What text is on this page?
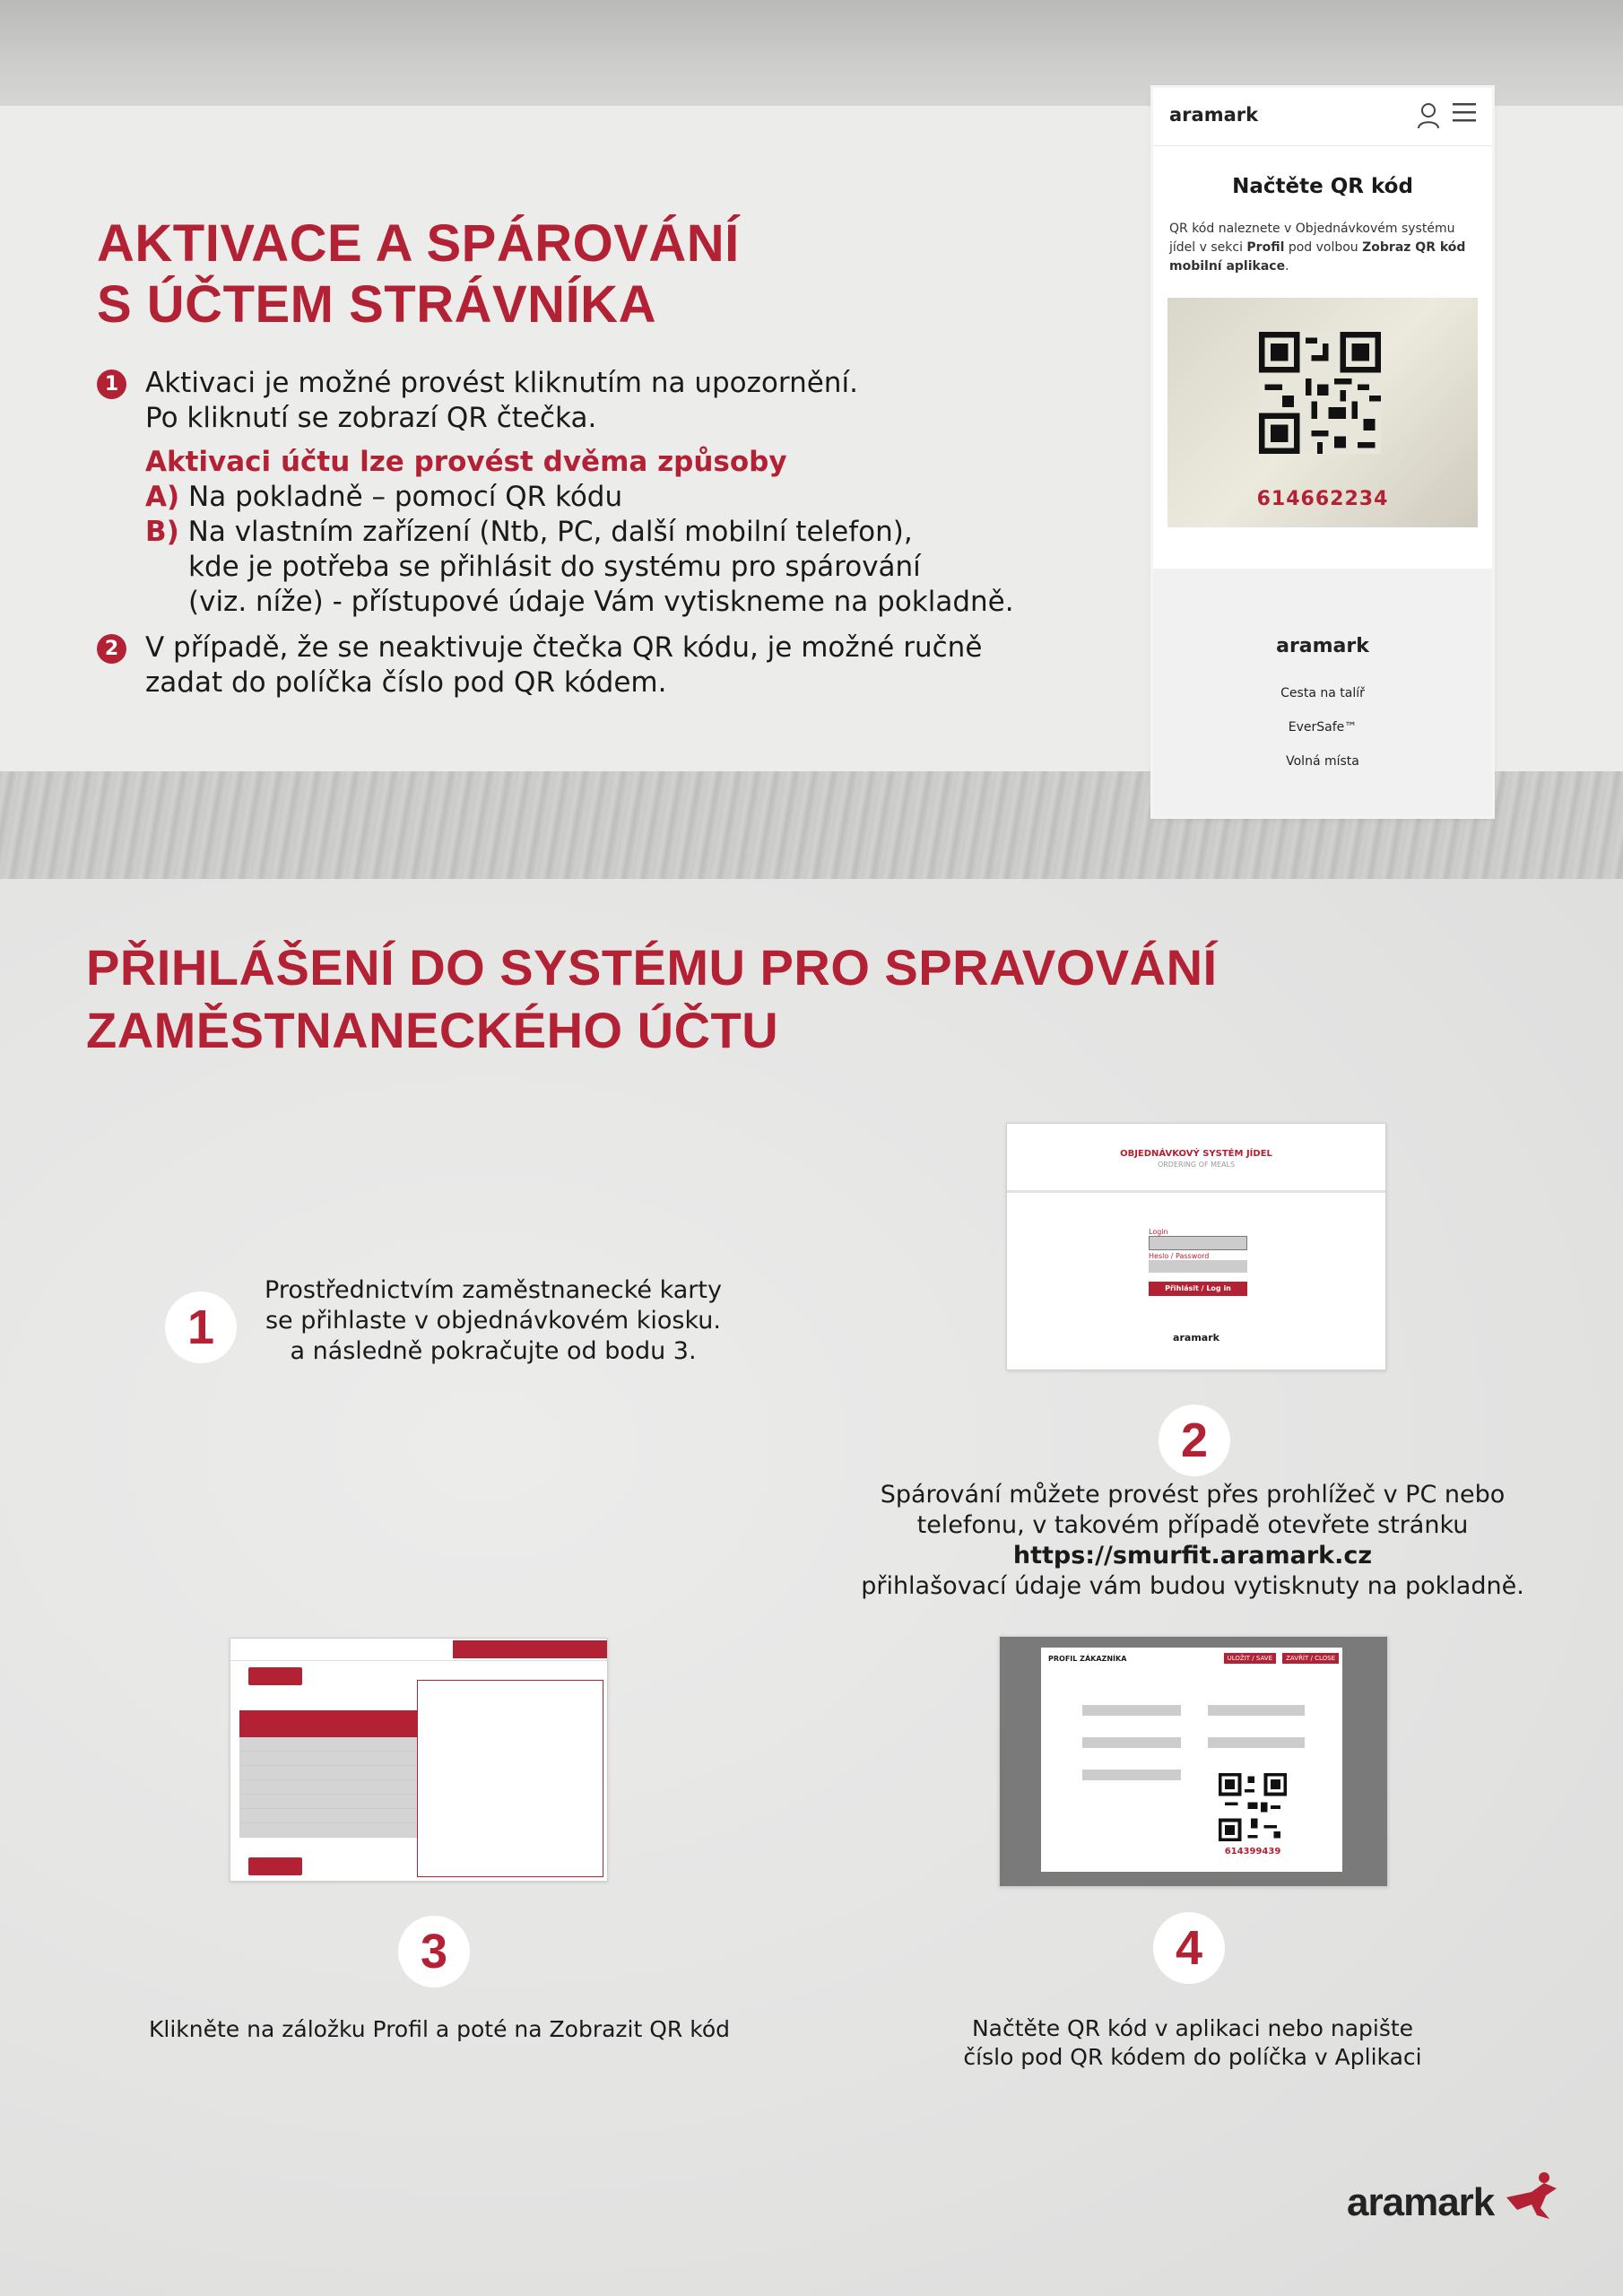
AKTIVACE A SPÁROVÁNÍ
S ÚČTEM STRÁVNÍKA
1 Aktivaci je možné provést kliknutím na upozornění.
Po kliknutí se zobrazí QR čtečka.
Aktivaci účtu lze provést dvěma způsoby
A) Na pokladně – pomocí QR kódu
B) Na vlastním zařízení (Ntb, PC, další mobilní telefon),
kde je potřeba se přihlásit do systému pro spárování
(viz. níže) - přístupové údaje Vám vytiskneme na pokladně.
2 V případě, že se neaktivuje čtečka QR kódu, je možné ručně
zadat do políčka číslo pod QR kódem.
aramark
Načtěte QR kód
QR kód naleznete v Objednávkovém systému jídel v sekci Profil pod volbou Zobraz QR kód mobilní aplikace.
614662234
aramark
Cesta na talíř
EverSafe™
Volná místa
PŘIHLÁŠENÍ DO SYSTÉMU PRO SPRAVOVÁNÍ
ZAMĚSTNANECKÉHO ÚČTU
1
Prostřednictvím zaměstnanecké karty
se přihlaste v objednávkovém kiosku.
a následně pokračujte od bodu 3.
OBJEDNÁVKOVÝ SYSTÉM JÍDEL
ORDERING OF MEALS
Login
Heslo / Password
Přihlásit / Log in
aramark
2
Spárování můžete provést přes prohlížeč v PC nebo
telefonu, v takovém případě otevřete stránku
https://smurfit.aramark.cz
přihlašovací údaje vám budou vytisknuty na pokladně.
3
Klikněte na záložku Profil a poté na Zobrazit QR kód
PROFIL ZÁKAZNÍKA	ULOŽIT / SAVE	ZAVŘÍT / CLOSE
614399439
4
Načtěte QR kód v aplikaci nebo napište
číslo pod QR kódem do políčka v Aplikaci
aramark
